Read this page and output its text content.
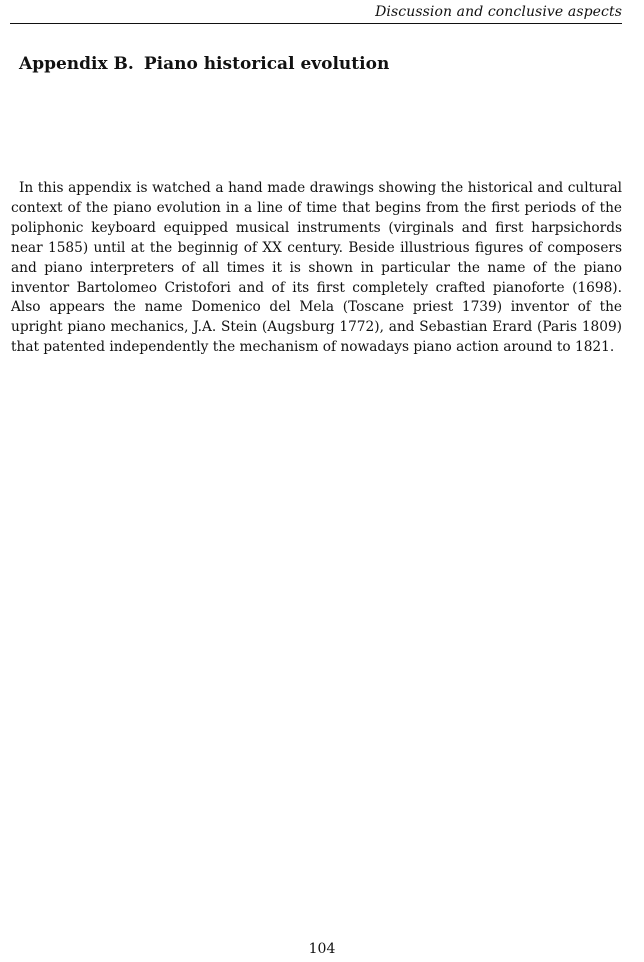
Discussion and conclusive aspects
Appendix B. Piano historical evolution

In this appendix is watched a hand made drawings showing the historical and cultural context of the piano evolution in a line of time that begins from the first periods of the poliphonic keyboard equipped musical instruments (virginals and first harpsichords near 1585) until at the beginnig of XX century. Beside illustrious figures of composers and piano interpreters of all times it is shown in particular the name of the piano inventor Bartolomeo Cristofori and of its first completely crafted pianoforte (1698). Also appears the name Domenico del Mela (Toscane priest 1739) inventor of the upright piano mechanics, J.A. Stein (Augsburg 1772), and Sebastian Erard (Paris 1809) that patented independently the mechanism of nowadays piano action around to 1821.

104
